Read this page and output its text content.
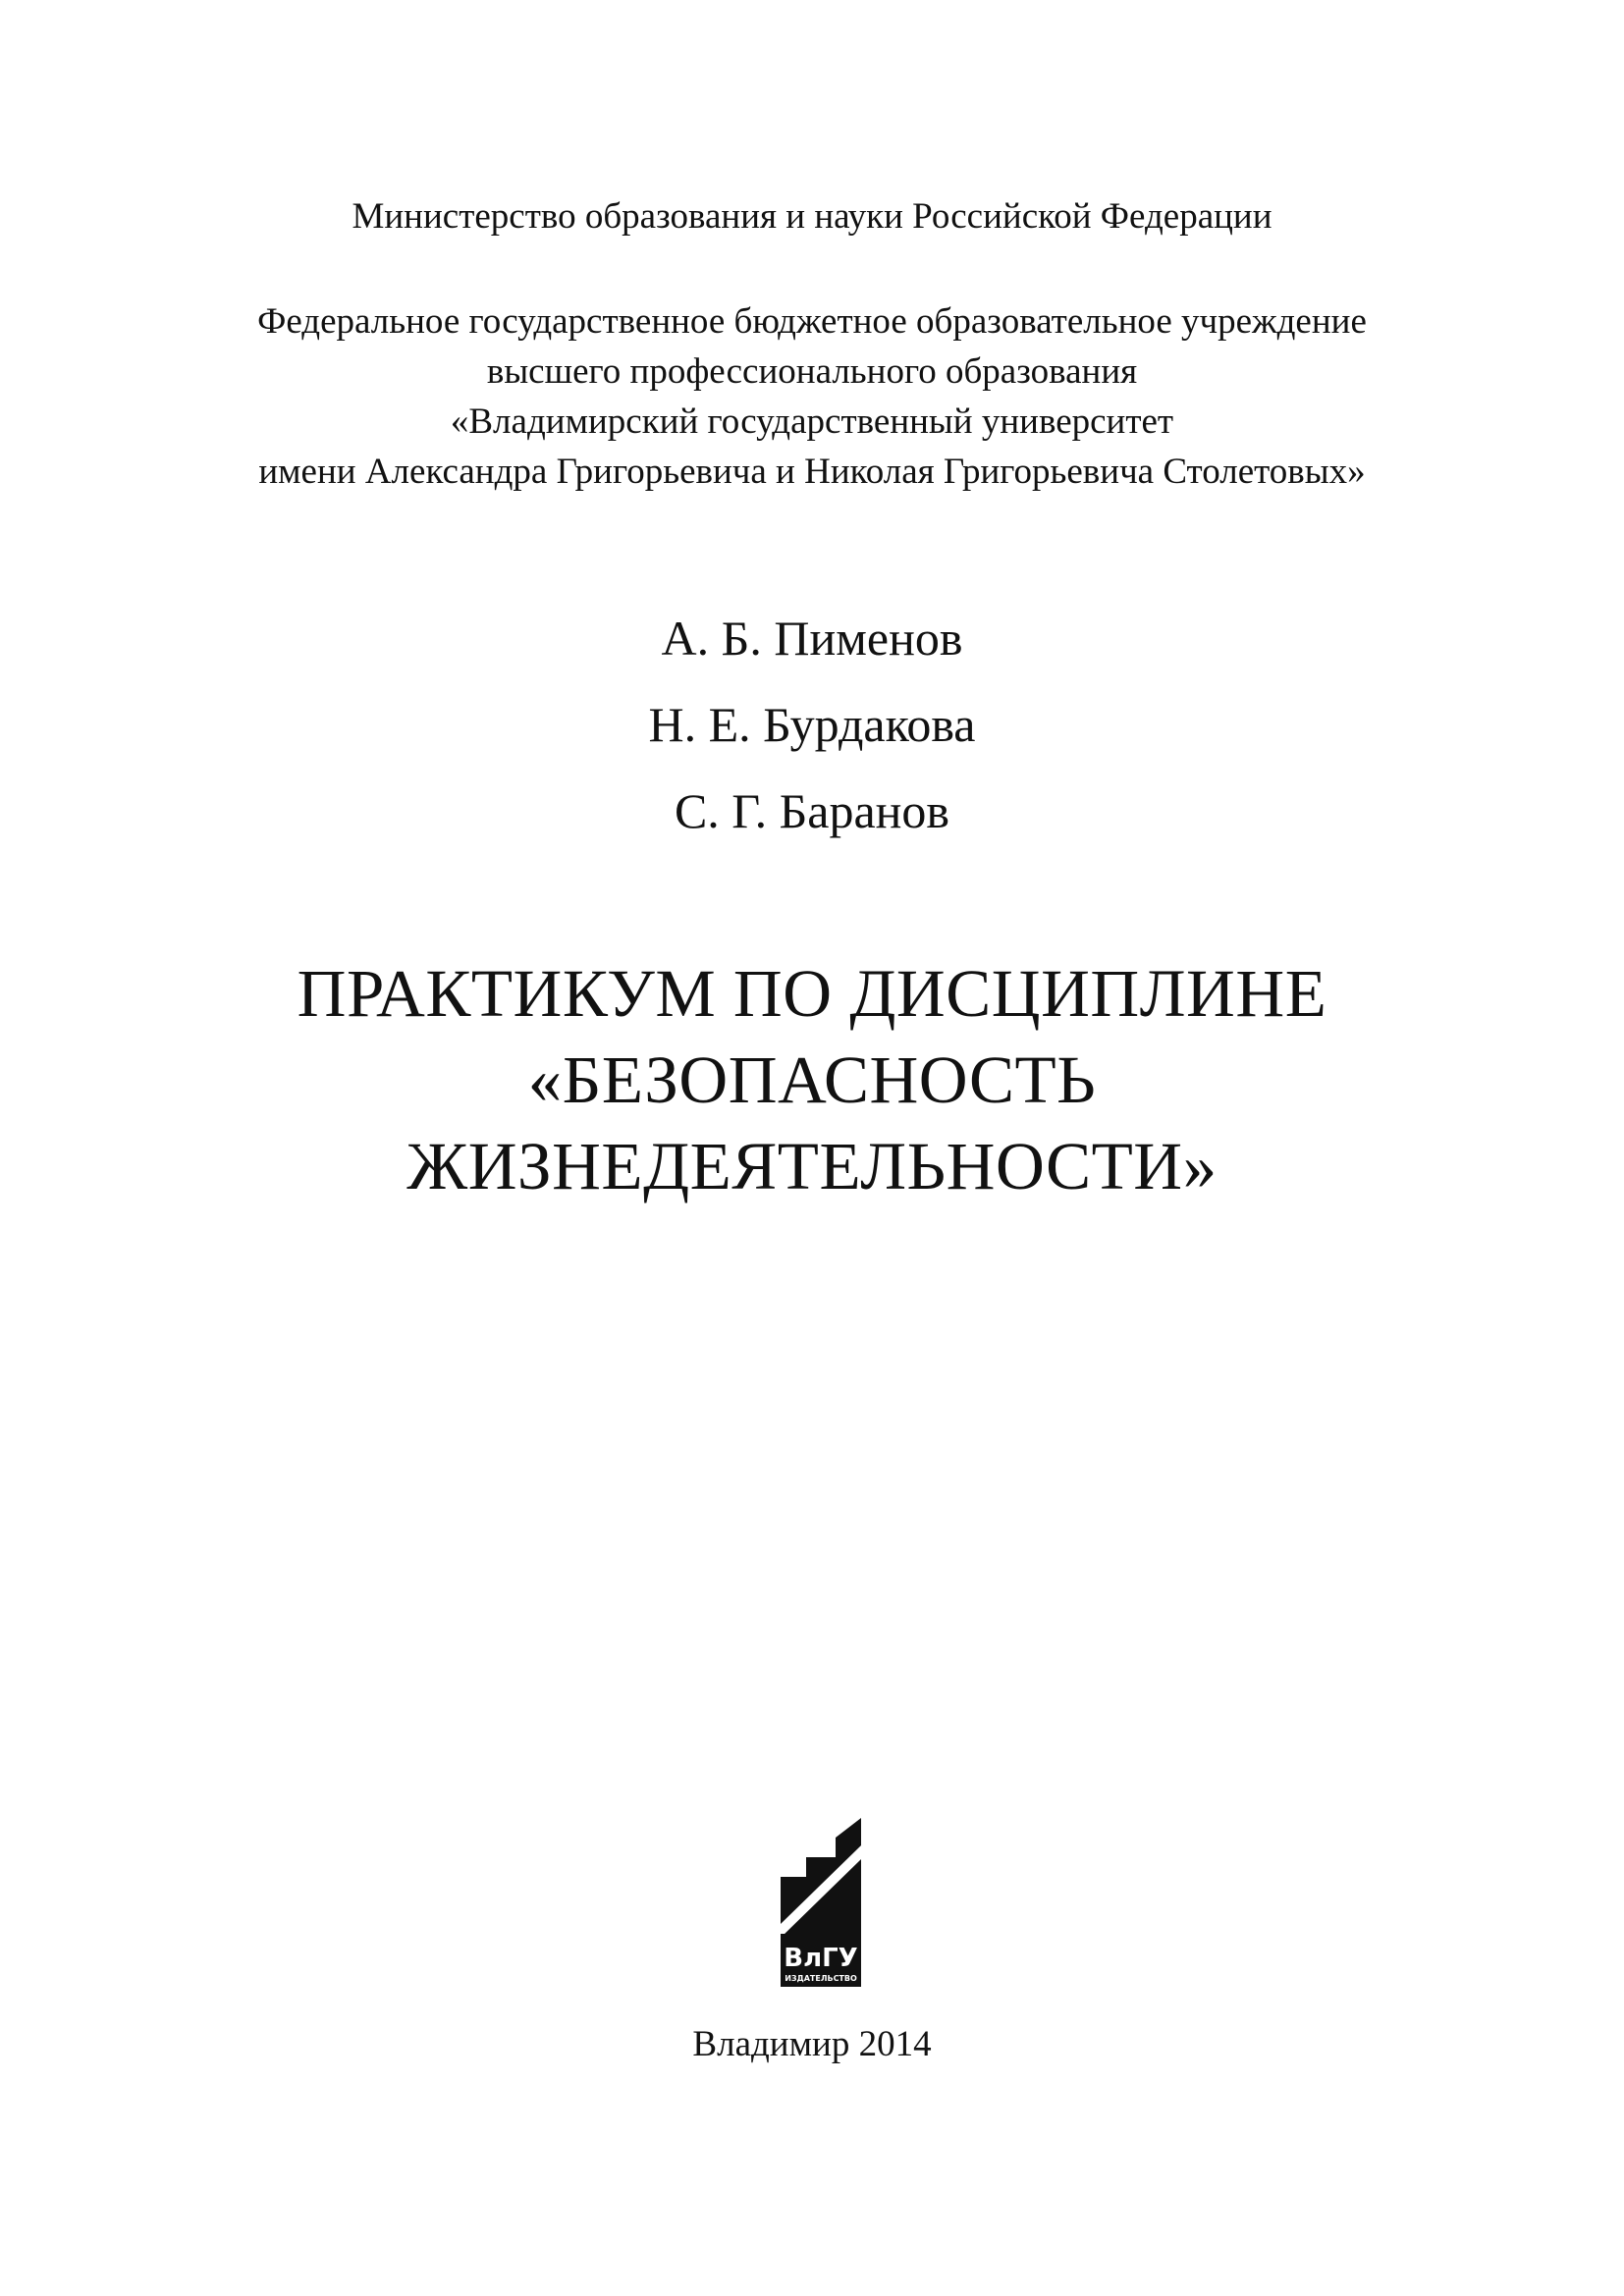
Министерство образования и науки Российской Федерации
Федеральное государственное бюджетное образовательное учреждение
высшего профессионального образования
«Владимирский государственный университет
имени Александра Григорьевича и Николая Григорьевича Столетовых»
А. Б. Пименов
Н. Е. Бурдакова
С. Г. Баранов
ПРАКТИКУМ ПО ДИСЦИПЛИНЕ
«БЕЗОПАСНОСТЬ
ЖИЗНЕДЕЯТЕЛЬНОСТИ»
ВлГУ
ИЗДАТЕЛЬСТВО
Владимир 2014
